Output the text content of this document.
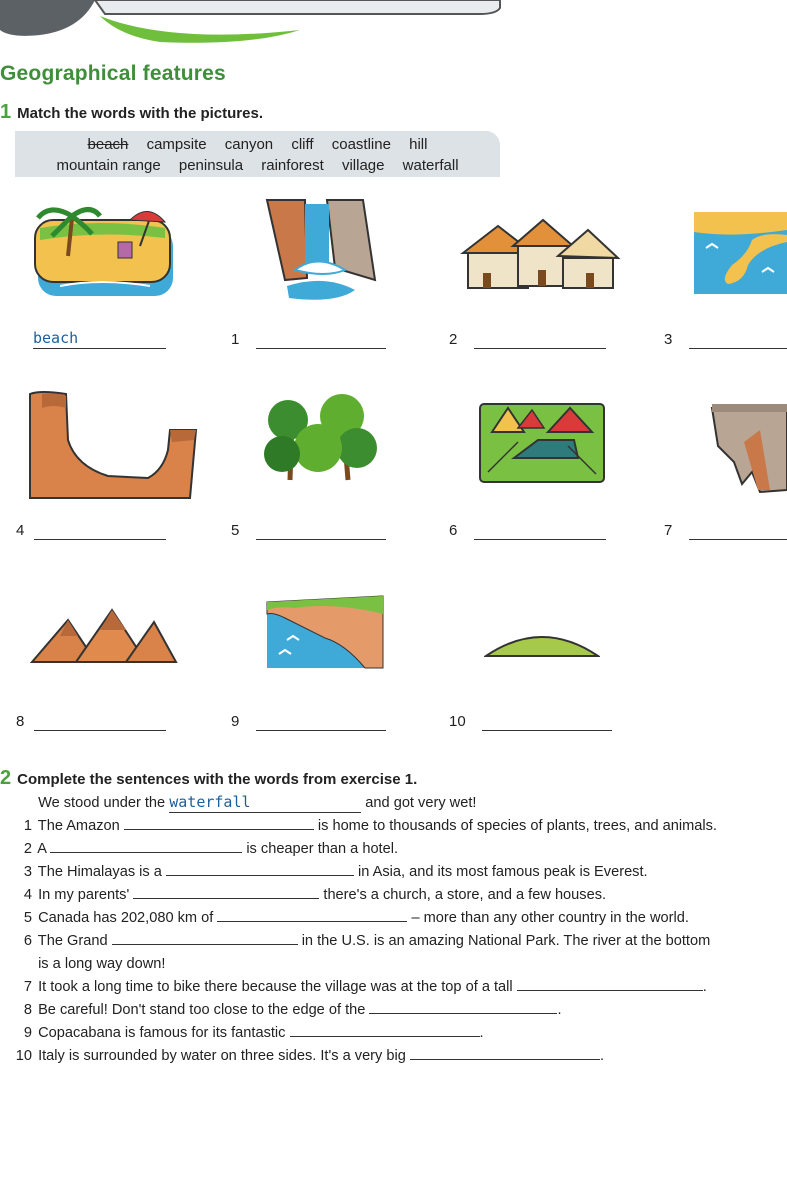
Geographical features
1 Match the words with the pictures.
beach campsite canyon cliff coastline hill
mountain range peninsula rainforest village waterfall
beach	1	2	3
4	5	6	7
8	9	10
2 Complete the sentences with the words from exercise 1.
We stood under the waterfall	and got very wet!
1 The Amazon	is home to thousands of species of plants, trees, and animals.
2 A	is cheaper than a hotel.
3 The Himalayas is a	in Asia, and its most famous peak is Everest.
4 In my parents'	there's a church, a store, and a few houses.
5 Canada has 202,080 km of	– more than any other country in the world.
6 The Grand	in the U.S. is an amazing National Park. The river at the bottom
is a long way down!
7 It took a long time to bike there because the village was at the top of a tall	.
8 Be careful! Don't stand too close to the edge of the	.
9 Copacabana is famous for its fantastic	.
10 Italy is surrounded by water on three sides. It's a very big	.
